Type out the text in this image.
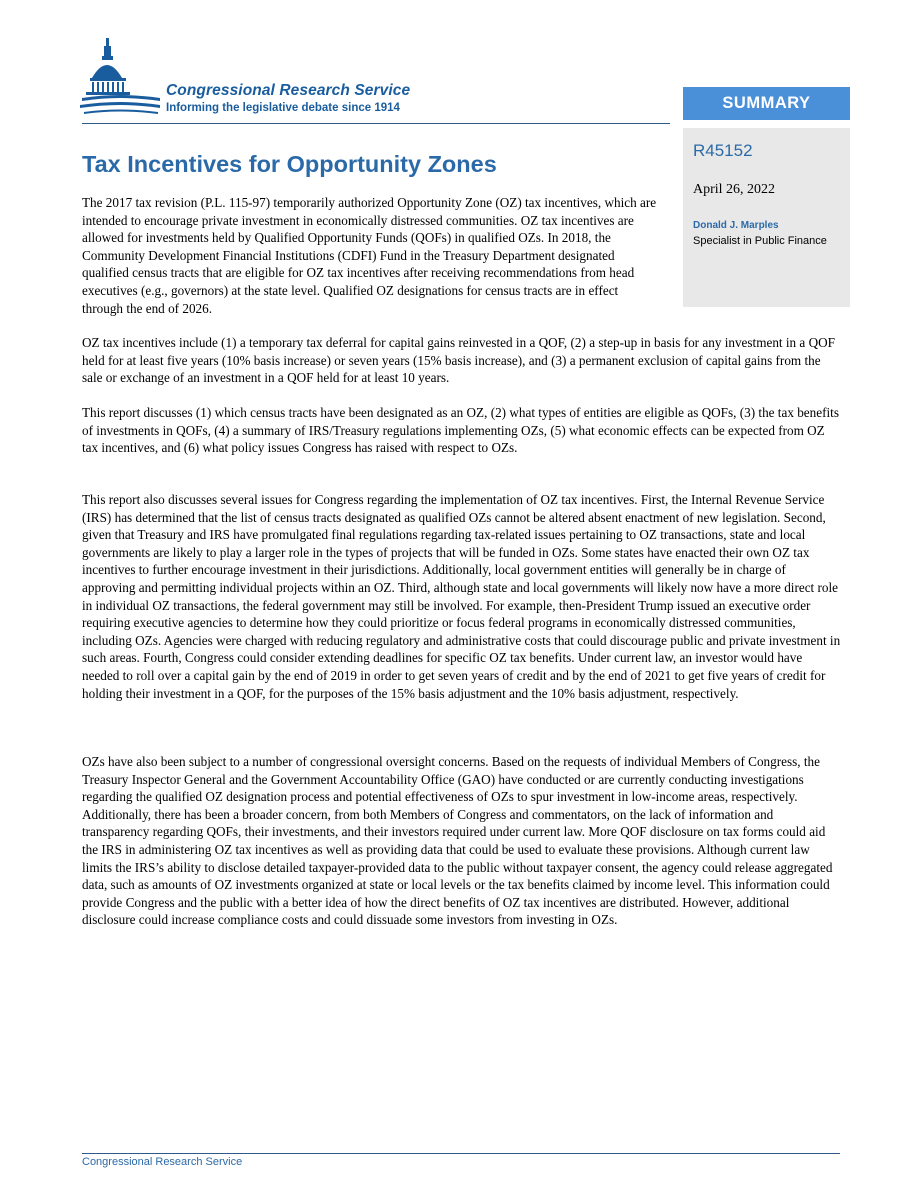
Congressional Research Service
Informing the legislative debate since 1914	SUMMARY
R45152
April 26, 2022
Donald J. Marples
Specialist in Public Finance
Tax Incentives for Opportunity Zones

The 2017 tax revision (P.L. 115-97) temporarily authorized Opportunity Zone (OZ) tax incentives, which are intended to encourage private investment in economically distressed communities. OZ tax incentives are allowed for investments held by Qualified Opportunity Funds (QOFs) in qualified OZs. In 2018, the Community Development Financial Institutions (CDFI) Fund in the Treasury Department designated qualified census tracts that are eligible for OZ tax incentives after receiving recommendations from head executives (e.g., governors) at the state level. Qualified OZ designations for census tracts are in effect through the end of 2026.

OZ tax incentives include (1) a temporary tax deferral for capital gains reinvested in a QOF, (2) a step-up in basis for any investment in a QOF held for at least five years (10% basis increase) or seven years (15% basis increase), and (3) a permanent exclusion of capital gains from the sale or exchange of an investment in a QOF held for at least 10 years.

This report discusses (1) which census tracts have been designated as an OZ, (2) what types of entities are eligible as QOFs, (3) the tax benefits of investments in QOFs, (4) a summary of IRS/Treasury regulations implementing OZs, (5) what economic effects can be expected from OZ tax incentives, and (6) what policy issues Congress has raised with respect to OZs.

This report also discusses several issues for Congress regarding the implementation of OZ tax incentives. First, the Internal Revenue Service (IRS) has determined that the list of census tracts designated as qualified OZs cannot be altered absent enactment of new legislation. Second, given that Treasury and IRS have promulgated final regulations regarding tax-related issues pertaining to OZ transactions, state and local governments are likely to play a larger role in the types of projects that will be funded in OZs. Some states have enacted their own OZ tax incentives to further encourage investment in their jurisdictions. Additionally, local government entities will generally be in charge of approving and permitting individual projects within an OZ. Third, although state and local governments will likely now have a more direct role in individual OZ transactions, the federal government may still be involved. For example, then-President Trump issued an executive order requiring executive agencies to determine how they could prioritize or focus federal programs in economically distressed communities, including OZs. Agencies were charged with reducing regulatory and administrative costs that could discourage public and private investment in such areas. Fourth, Congress could consider extending deadlines for specific OZ tax benefits. Under current law, an investor would have needed to roll over a capital gain by the end of 2019 in order to get seven years of credit and by the end of 2021 to get five years of credit for holding their investment in a QOF, for the purposes of the 15% basis adjustment and the 10% basis adjustment, respectively.

OZs have also been subject to a number of congressional oversight concerns. Based on the requests of individual Members of Congress, the Treasury Inspector General and the Government Accountability Office (GAO) have conducted or are currently conducting investigations regarding the qualified OZ designation process and potential effectiveness of OZs to spur investment in low-income areas, respectively. Additionally, there has been a broader concern, from both Members of Congress and commentators, on the lack of information and transparency regarding QOFs, their investments, and their investors required under current law. More QOF disclosure on tax forms could aid the IRS in administering OZ tax incentives as well as providing data that could be used to evaluate these provisions. Although current law limits the IRS’s ability to disclose detailed taxpayer-provided data to the public without taxpayer consent, the agency could release aggregated data, such as amounts of OZ investments organized at state or local levels or the tax benefits claimed by income level. This information could provide Congress and the public with a better idea of how the direct benefits of OZ tax incentives are distributed. However, additional disclosure could increase compliance costs and could dissuade some investors from investing in OZs.

Congressional Research Service
